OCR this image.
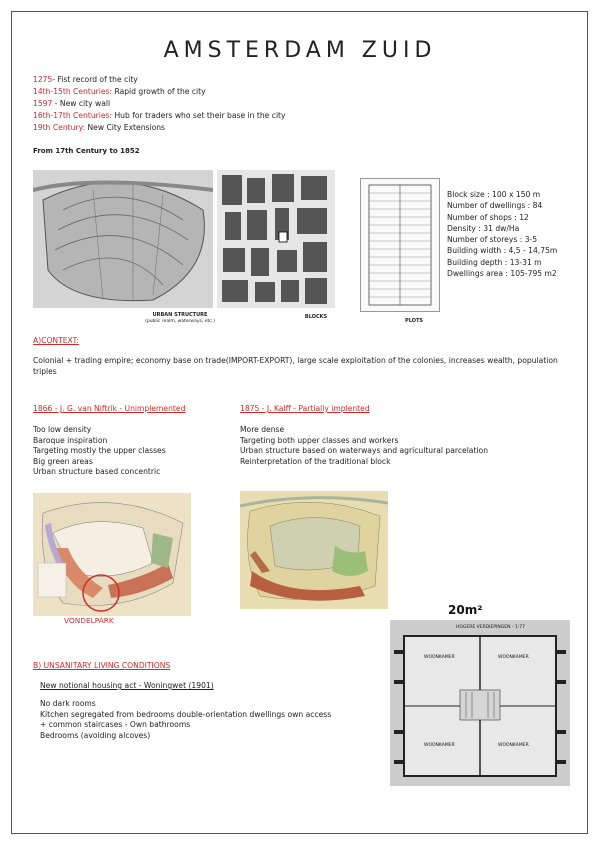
AMSTERDAM ZUID
1275- Fist record of the city
14th-15th Centuries: Rapid growth of the city
1597 - New city wall
16th-17th Centuries: Hub for traders who set their base in the city
19th Century: New City Extensions
From 17th Century to 1852
URBAN STRUCTURE
(public realm, waterways, etc.)
BLOCKS
PLOTS
Block size : 100 x 150 m
Number of dwellings : 84
Number of shops : 12
Density : 31 dw/Ha
Number of storeys : 3-5
Building width : 4,5 - 14,75m
Building depth : 13-31 m
Dwellings area : 105-795 m2
A)CONTEXT:
Colonial + trading empire; economy base on trade(IMPORT-EXPORT), large scale exploitation of the colonies, increases wealth, population triples
1866 - J. G. van Niftrik - Unimplemented
Too low density
Baroque inspiration
Targeting mostly the upper classes
Big green areas
Urban structure based concentric
1875 - J. Kalff - Partially implented
More dense
Targeting both upper classes and workers
Urban structure based on waterways and agricultural parcelation
Reinterpretation of the traditional block
VONDELPARK
20m²
HOGERE VERDIEPINGEN - 1:77
WOONKAMER	WOONKAMER
WOONKAMER	WOONKAMER
B) UNSANITARY LIVING CONDITIONS
New notional housing act - Woningwet (1901)
No dark rooms
Kitchen segregated from bedrooms double-orientation dwellings own access
+ common staircases - Own bathrooms
Bedrooms (avoiding alcoves)
